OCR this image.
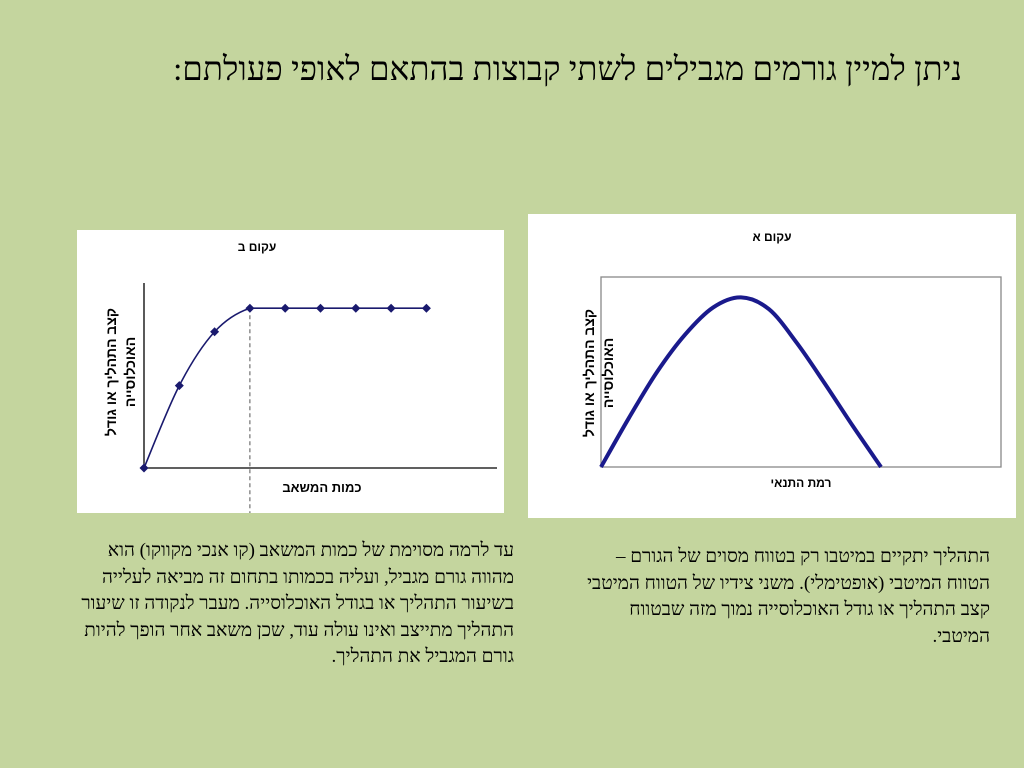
ניתן למיין גורמים מגבילים לשתי קבוצות בהתאם לאופי פעולתם:
עקום א
קצב התהליך או גודל האוכלוסייה
רמת התנאי
עקום ב
קצב התהליך או גודל האוכלוסייה
כמות המשאב

התהליך יתקיים במיטבו רק בטווח מסוים של הגורם – הטווח המיטבי (אופטימלי). משני צידיו של הטווח המיטבי קצב התהליך או גודל האוכלוסייה נמוך מזה שבטווח המיטבי.

עד לרמה מסוימת של כמות המשאב (קו אנכי מקווקו) הוא מהווה גורם מגביל, ועליה בכמותו בתחום זה מביאה לעלייה בשיעור התהליך או בגודל האוכלוסייה. מעבר לנקודה זו שיעור התהליך מתייצב ואינו עולה עוד, שכן משאב אחר הופך להיות גורם המגביל את התהליך.
